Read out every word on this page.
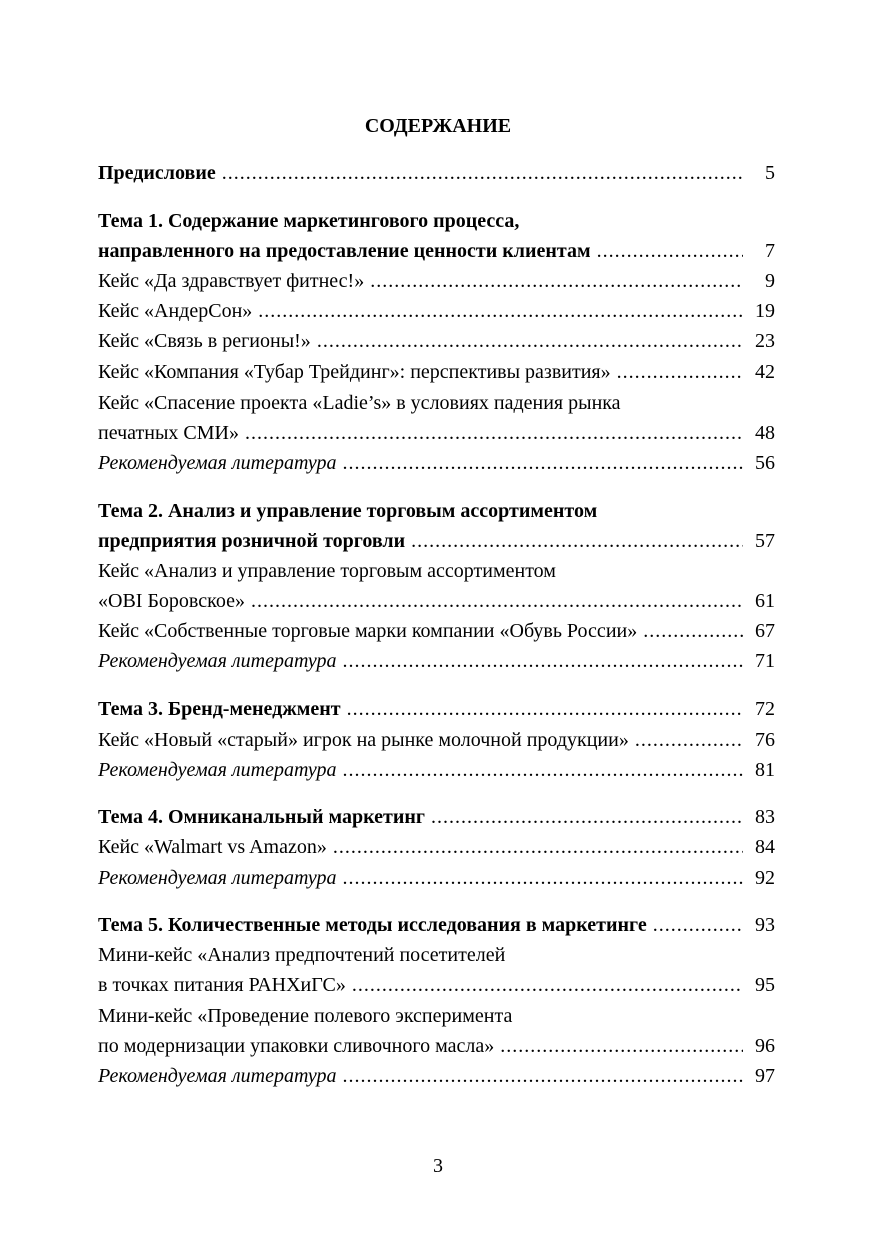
СОДЕРЖАНИЕ
Предисловие .....	5
Тема 1. Содержание маркетингового процесса,
направленного на предоставление ценности клиентам .....	7
Кейс «Да здравствует фитнес!» .....	9
Кейс «АндерСон» .....	19
Кейс «Связь в регионы!» .....	23
Кейс «Компания «Тубар Трейдинг»: перспективы развития» .....	42
Кейс «Спасение проекта «Ladie’s» в условиях падения рынка
печатных СМИ» .....	48
Рекомендуемая литература .....	56
Тема 2. Анализ и управление торговым ассортиментом
предприятия розничной торговли .....	57
Кейс «Анализ и управление торговым ассортиментом
«OBI Боровское» .....	61
Кейс «Собственные торговые марки компании «Обувь России» .....	67
Рекомендуемая литература .....	71
Тема 3. Бренд-менеджмент .....	72
Кейс «Новый «старый» игрок на рынке молочной продукции» .....	76
Рекомендуемая литература .....	81
Тема 4. Омниканальный маркетинг .....	83
Кейс «Walmart vs Amazon» .....	84
Рекомендуемая литература .....	92
Тема 5. Количественные методы исследования в маркетинге .....	93
Мини-кейс «Анализ предпочтений посетителей
в точках питания РАНХиГС» .....	95
Мини-кейс «Проведение полевого эксперимента
по модернизации упаковки сливочного масла» .....	96
Рекомендуемая литература .....	97
3
